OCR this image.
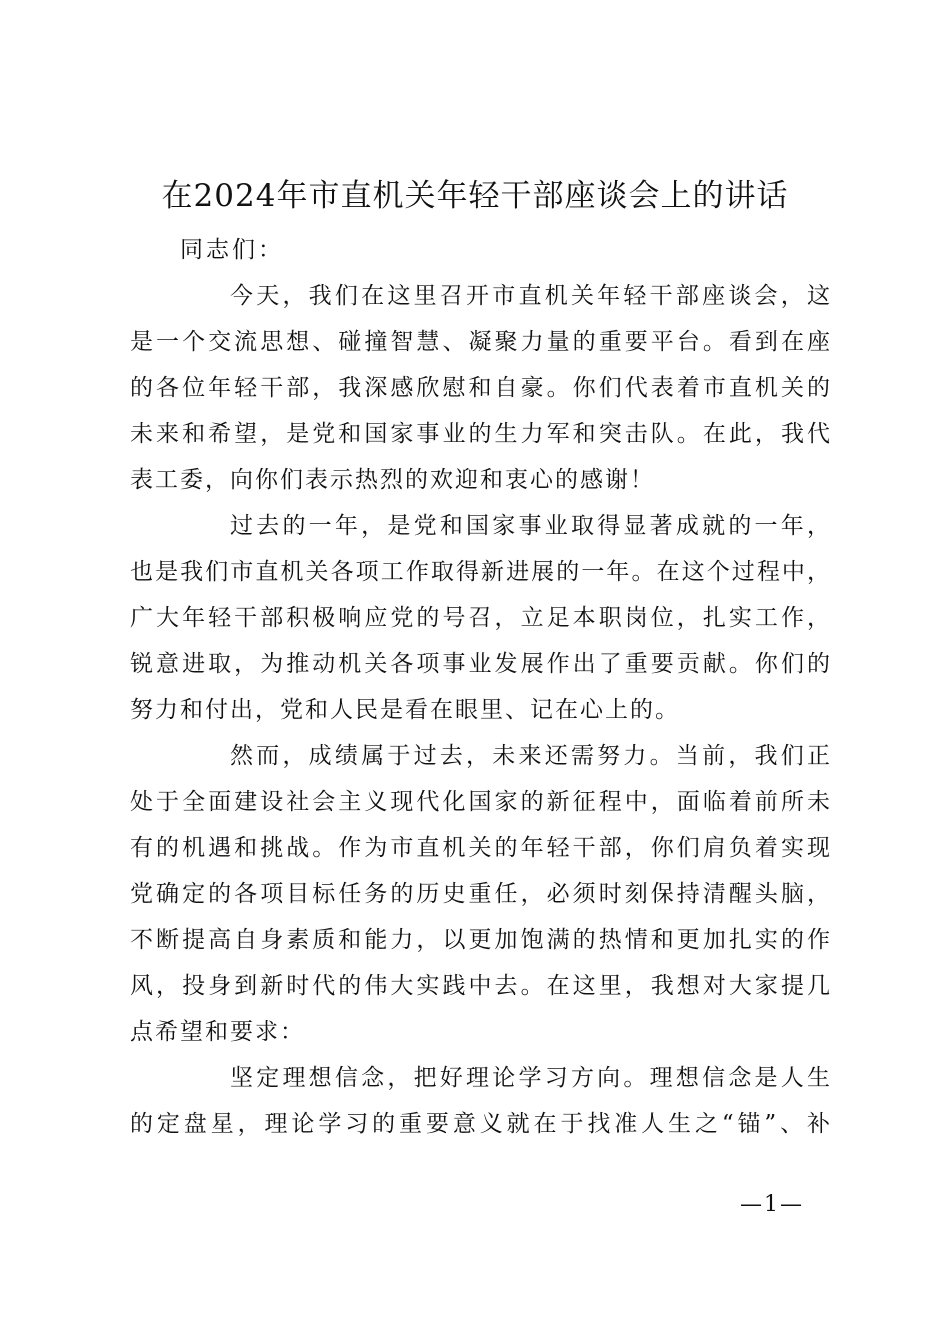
在2024年市直机关年轻干部座谈会上的讲话
同志们：

今天，我们在这里召开市直机关年轻干部座谈会，这
是一个交流思想、碰撞智慧、凝聚力量的重要平台。看到在座
的各位年轻干部，我深感欣慰和自豪。你们代表着市直机关的
未来和希望，是党和国家事业的生力军和突击队。在此，我代
表工委，向你们表示热烈的欢迎和衷心的感谢！

过去的一年，是党和国家事业取得显著成就的一年，
也是我们市直机关各项工作取得新进展的一年。在这个过程中，
广大年轻干部积极响应党的号召，立足本职岗位，扎实工作，
锐意进取，为推动机关各项事业发展作出了重要贡献。你们的
努力和付出，党和人民是看在眼里、记在心上的。

然而，成绩属于过去，未来还需努力。当前，我们正
处于全面建设社会主义现代化国家的新征程中，面临着前所未
有的机遇和挑战。作为市直机关的年轻干部，你们肩负着实现
党确定的各项目标任务的历史重任，必须时刻保持清醒头脑，
不断提高自身素质和能力，以更加饱满的热情和更加扎实的作
风，投身到新时代的伟大实践中去。在这里，我想对大家提几
点希望和要求：

坚定理想信念，把好理论学习方向。理想信念是人生
的定盘星，理论学习的重要意义就在于找准人生之“锚”、补

—1—
